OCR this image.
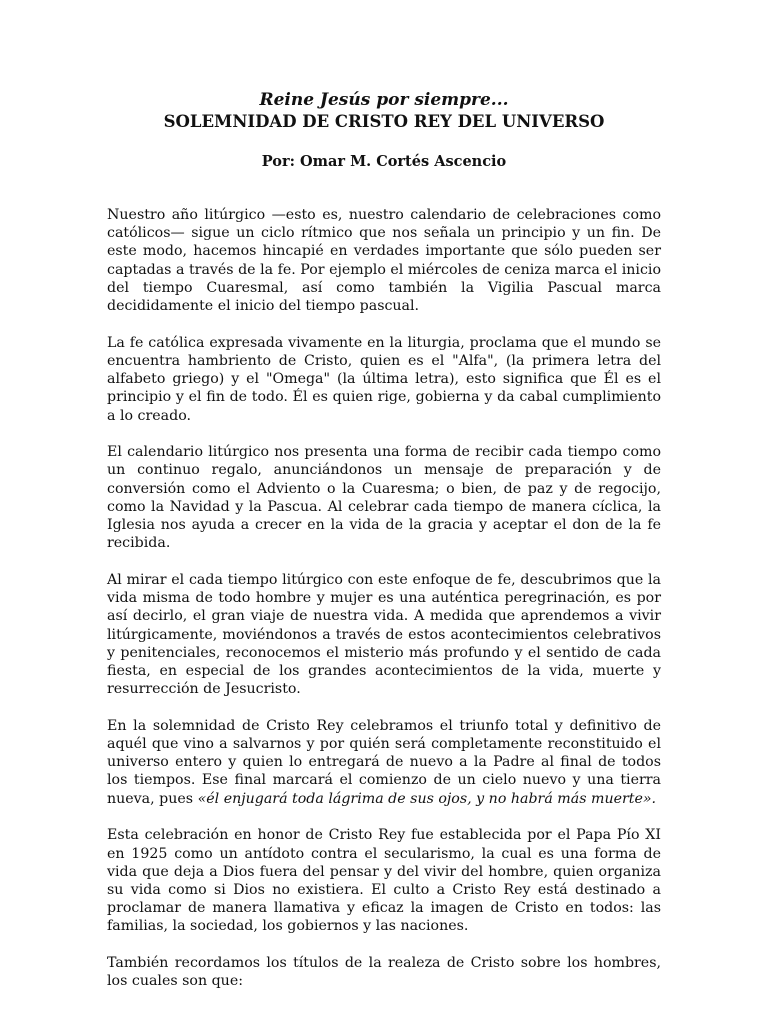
Reine Jesús por siempre...

SOLEMNIDAD DE CRISTO REY DEL UNIVERSO

Por: Omar M. Cortés Ascencio

Nuestro año litúrgico —esto es, nuestro calendario de celebraciones como católicos— sigue un ciclo rítmico que nos señala un principio y un fin. De este modo, hacemos hincapié en verdades importante que sólo pueden ser captadas a través de la fe. Por ejemplo el miércoles de ceniza marca el inicio del tiempo Cuaresmal, así como también la Vigilia Pascual marca decididamente el inicio del tiempo pascual.

La fe católica expresada vivamente en la liturgia, proclama que el mundo se encuentra hambriento de Cristo, quien es el "Alfa", (la primera letra del alfabeto griego) y el "Omega" (la última letra), esto significa que Él es el principio y el fin de todo. Él es quien rige, gobierna y da cabal cumplimiento a lo creado.

El calendario litúrgico nos presenta una forma de recibir cada tiempo como un continuo regalo, anunciándonos un mensaje de preparación y de conversión como el Adviento o la Cuaresma; o bien, de paz y de regocijo, como la Navidad y la Pascua. Al celebrar cada tiempo de manera cíclica, la Iglesia nos ayuda a crecer en la vida de la gracia y aceptar el don de la fe recibida.

Al mirar el cada tiempo litúrgico con este enfoque de fe, descubrimos que la vida misma de todo hombre y mujer es una auténtica peregrinación, es por así decirlo, el gran viaje de nuestra vida. A medida que aprendemos a vivir litúrgicamente, moviéndonos a través de estos acontecimientos celebrativos y penitenciales, reconocemos el misterio más profundo y el sentido de cada fiesta, en especial de los grandes acontecimientos de la vida, muerte y resurrección de Jesucristo.

En la solemnidad de Cristo Rey celebramos el triunfo total y definitivo de aquél que vino a salvarnos y por quién será completamente reconstituido el universo entero y quien lo entregará de nuevo a la Padre al final de todos los tiempos. Ese final marcará el comienzo de un cielo nuevo y una tierra nueva, pues «él enjugará toda lágrima de sus ojos, y no habrá más muerte».

Esta celebración en honor de Cristo Rey fue establecida por el Papa Pío XI en 1925 como un antídoto contra el secularismo, la cual es una forma de vida que deja a Dios fuera del pensar y del vivir del hombre, quien organiza su vida como si Dios no existiera. El culto a Cristo Rey está destinado a proclamar de manera llamativa y eficaz la imagen de Cristo en todos: las familias, la sociedad, los gobiernos y las naciones.

También recordamos los títulos de la realeza de Cristo sobre los hombres, los cuales son que:
